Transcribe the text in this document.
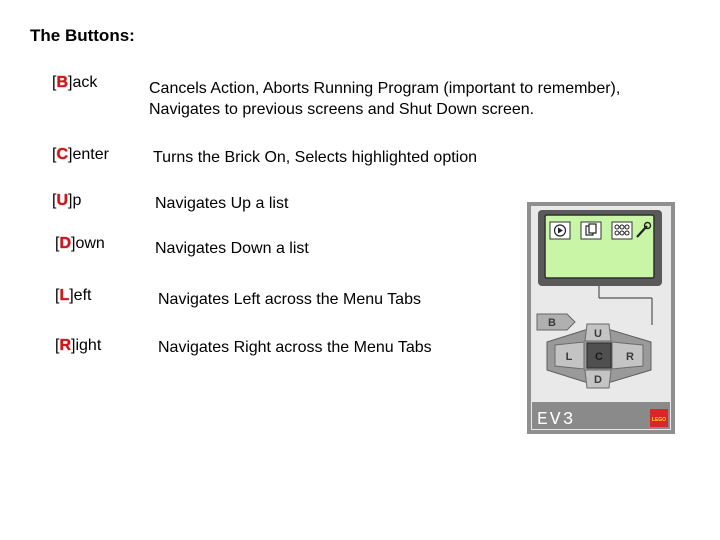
The Buttons:
[B]ack	Cancels Action, Aborts Running Program (important to remember),
Navigates to previous screens and Shut Down screen.
[C]enter	Turns the Brick On, Selects highlighted option
[U]p	Navigates Up a list
[D]own	Navigates Down a list
[L]eft	Navigates Left across the Menu Tabs
[R]ight	Navigates Right across the Menu Tabs
B
U
D
L	R
C
EV3	LEGO
